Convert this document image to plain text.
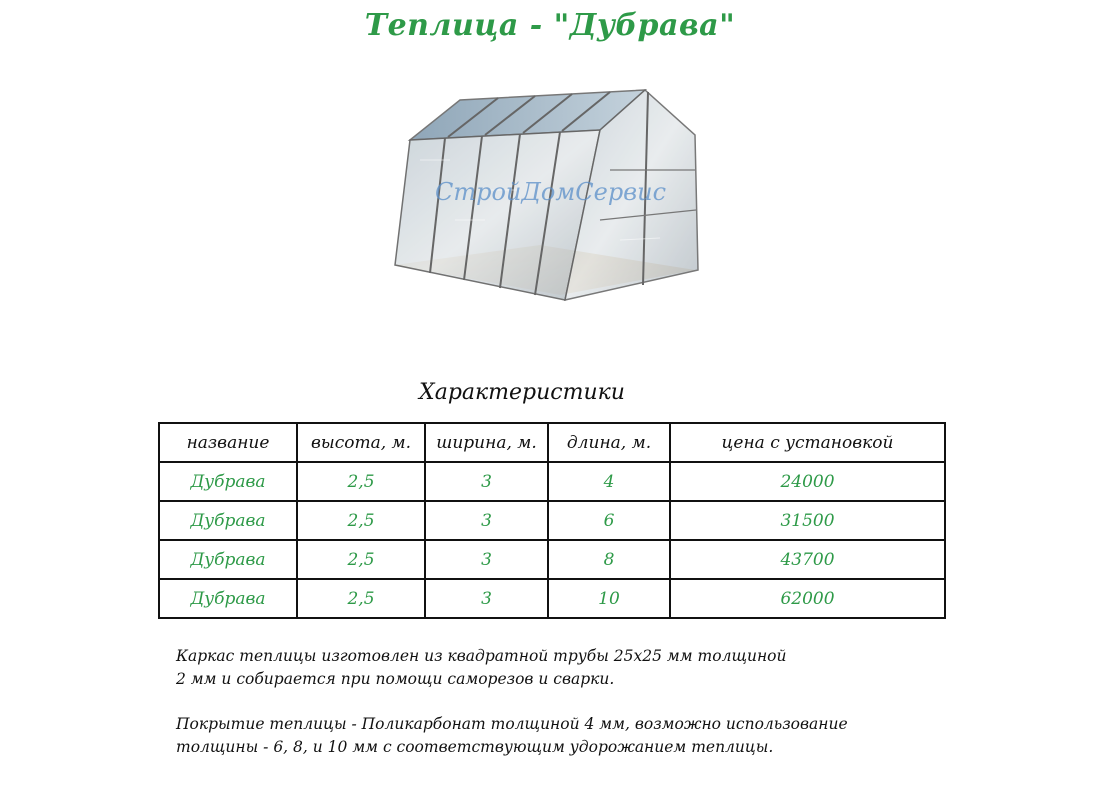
Теплица - "Дубрава"
СтройДомСервис
Характеристики
название	высота, м.	ширина, м.	длина, м.	цена с установкой
Дубрава	2,5	3	4	24000
Дубрава	2,5	3	6	31500
Дубрава	2,5	3	8	43700
Дубрава	2,5	3	10	62000
Каркас теплицы изготовлен из квадратной трубы 25х25 мм толщиной
2 мм и собирается при помощи саморезов и сварки.
Покрытие теплицы - Поликарбонат толщиной 4 мм, возможно использование
толщины - 6, 8, и 10 мм с соответствующим удорожанием теплицы.
